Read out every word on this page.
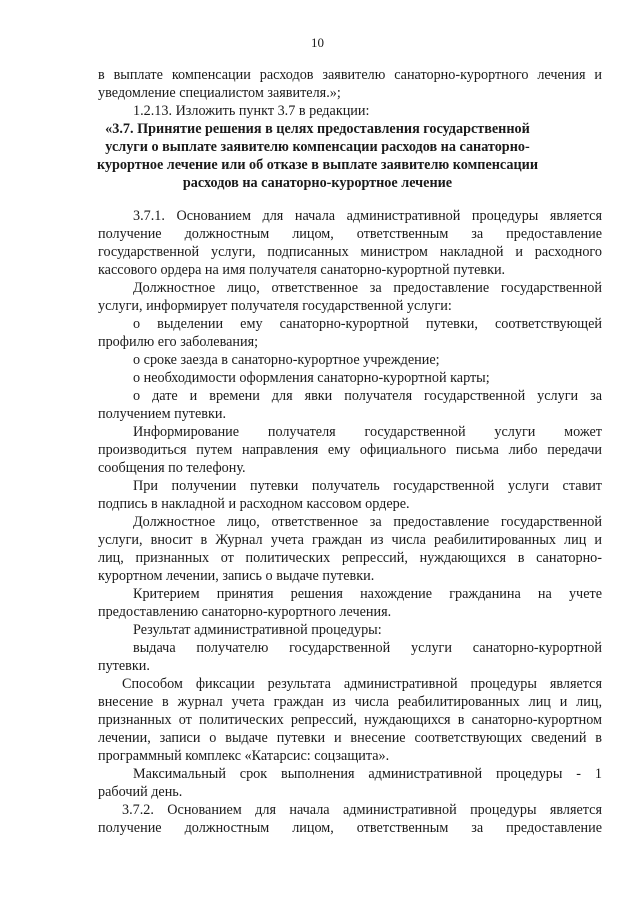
10
в выплате компенсации расходов заявителю санаторно-курортного лечения и
уведомление специалистом заявителя.»;
1.2.13. Изложить пункт 3.7 в редакции:
«3.7. Принятие решения в целях предоставления государственной
услуги о выплате заявителю компенсации расходов на санаторно-
курортное лечение или об отказе в выплате заявителю компенсации
расходов на санаторно-курортное лечение
3.7.1. Основанием для начала административной процедуры является
получение должностным лицом, ответственным за предоставление
государственной услуги, подписанных министром накладной и расходного
кассового ордера на имя получателя санаторно-курортной путевки.
Должностное лицо, ответственное за предоставление государственной
услуги, информирует получателя государственной услуги:
о выделении ему санаторно-курортной путевки, соответствующей
профилю его заболевания;
о сроке заезда в санаторно-курортное учреждение;
о необходимости оформления санаторно-курортной карты;
о дате и времени для явки получателя государственной услуги за
получением путевки.
Информирование получателя государственной услуги может
производиться путем направления ему официального письма либо передачи
сообщения по телефону.
При получении путевки получатель государственной услуги ставит
подпись в накладной и расходном кассовом ордере.
Должностное лицо, ответственное за предоставление государственной
услуги, вносит в Журнал учета граждан из числа реабилитированных лиц и
лиц, признанных от политических репрессий, нуждающихся в санаторно-
курортном лечении, запись о выдаче путевки.
Критерием принятия решения нахождение гражданина на учете
предоставлению санаторно-курортного лечения.
Результат административной процедуры:
выдача получателю государственной услуги санаторно-курортной
путевки.
Способом фиксации результата административной процедуры является
внесение в журнал учета граждан из числа реабилитированных лиц и лиц,
признанных от политических репрессий, нуждающихся в санаторно-курортном
лечении, записи о выдаче путевки и внесение соответствующих сведений в
программный комплекс «Катарсис: соцзащита».
Максимальный срок выполнения административной процедуры - 1
рабочий день.
3.7.2. Основанием для начала административной процедуры является
получение должностным лицом, ответственным за предоставление
